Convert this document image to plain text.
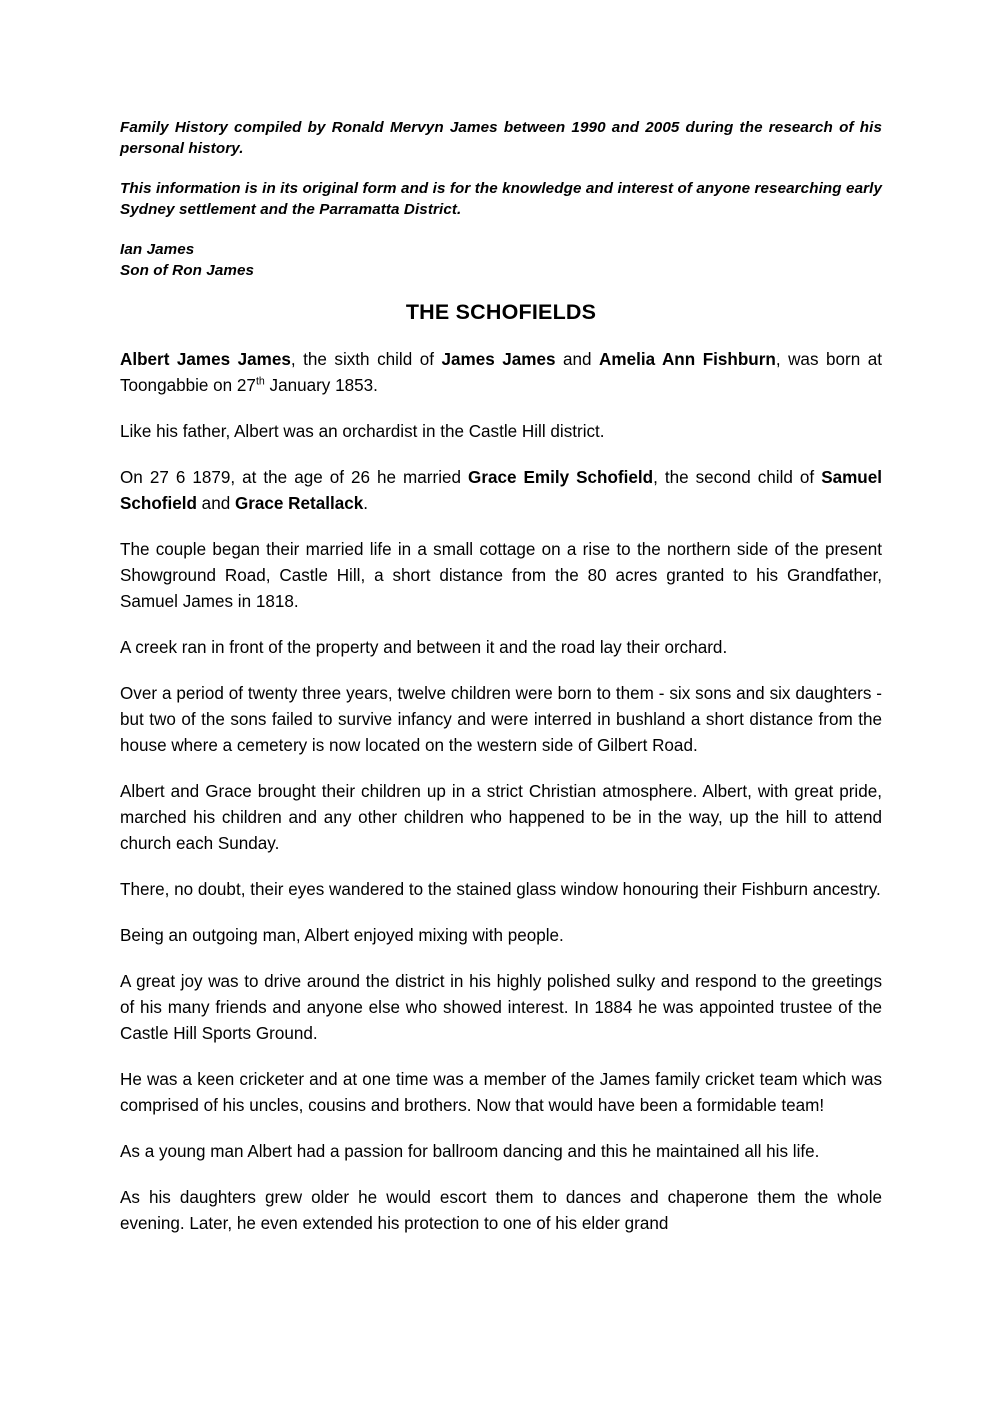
Family History compiled by Ronald Mervyn James between 1990 and 2005 during the research of his personal history.

This information is in its original form and is for the knowledge and interest of anyone researching early Sydney settlement and the Parramatta District.

Ian James
Son of Ron James

THE SCHOFIELDS

Albert James James, the sixth child of James James and Amelia Ann Fishburn, was born at Toongabbie on 27th January 1853.

Like his father, Albert was an orchardist in the Castle Hill district.

On 27 6 1879, at the age of 26 he married Grace Emily Schofield, the second child of Samuel Schofield and Grace Retallack.

The couple began their married life in a small cottage on a rise to the northern side of the present Showground Road, Castle Hill, a short distance from the 80 acres granted to his Grandfather, Samuel James in 1818.

A creek ran in front of the property and between it and the road lay their orchard.

Over a period of twenty three years, twelve children were born to them - six sons and six daughters - but two of the sons failed to survive infancy and were interred in bushland a short distance from the house where a cemetery is now located on the western side of Gilbert Road.

Albert and Grace brought their children up in a strict Christian atmosphere. Albert, with great pride, marched his children and any other children who happened to be in the way, up the hill to attend church each Sunday.

There, no doubt, their eyes wandered to the stained glass window honouring their Fishburn ancestry.

Being an outgoing man, Albert enjoyed mixing with people.

A great joy was to drive around the district in his highly polished sulky and respond to the greetings of his many friends and anyone else who showed interest. In 1884 he was appointed trustee of the Castle Hill Sports Ground.

He was a keen cricketer and at one time was a member of the James family cricket team which was comprised of his uncles, cousins and brothers. Now that would have been a formidable team!

As a young man Albert had a passion for ballroom dancing and this he maintained all his life.

As his daughters grew older he would escort them to dances and chaperone them the whole evening. Later, he even extended his protection to one of his elder grand
